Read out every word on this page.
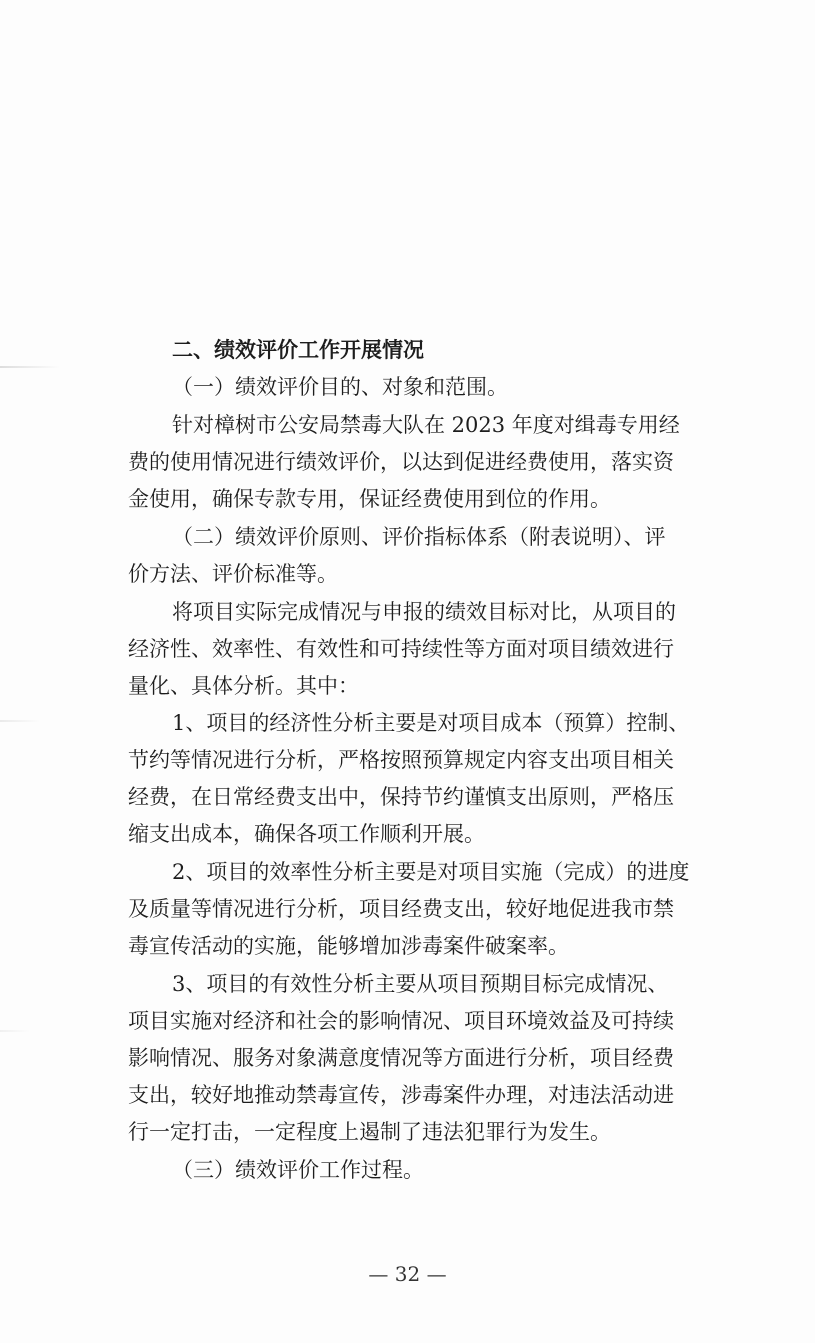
二、绩效评价工作开展情况
（一）绩效评价目的、对象和范围。
针对樟树市公安局禁毒大队在 2023 年度对缉毒专用经
费的使用情况进行绩效评价，以达到促进经费使用，落实资
金使用，确保专款专用，保证经费使用到位的作用。
（二）绩效评价原则、评价指标体系（附表说明）、评
价方法、评价标准等。
将项目实际完成情况与申报的绩效目标对比，从项目的
经济性、效率性、有效性和可持续性等方面对项目绩效进行
量化、具体分析。其中：
1、项目的经济性分析主要是对项目成本（预算）控制、
节约等情况进行分析，严格按照预算规定内容支出项目相关
经费，在日常经费支出中，保持节约谨慎支出原则，严格压
缩支出成本，确保各项工作顺利开展。
2、项目的效率性分析主要是对项目实施（完成）的进度
及质量等情况进行分析，项目经费支出，较好地促进我市禁
毒宣传活动的实施，能够增加涉毒案件破案率。
3、项目的有效性分析主要从项目预期目标完成情况、
项目实施对经济和社会的影响情况、项目环境效益及可持续
影响情况、服务对象满意度情况等方面进行分析，项目经费
支出，较好地推动禁毒宣传，涉毒案件办理，对违法活动进
行一定打击，一定程度上遏制了违法犯罪行为发生。
（三）绩效评价工作过程。
— 32 —
